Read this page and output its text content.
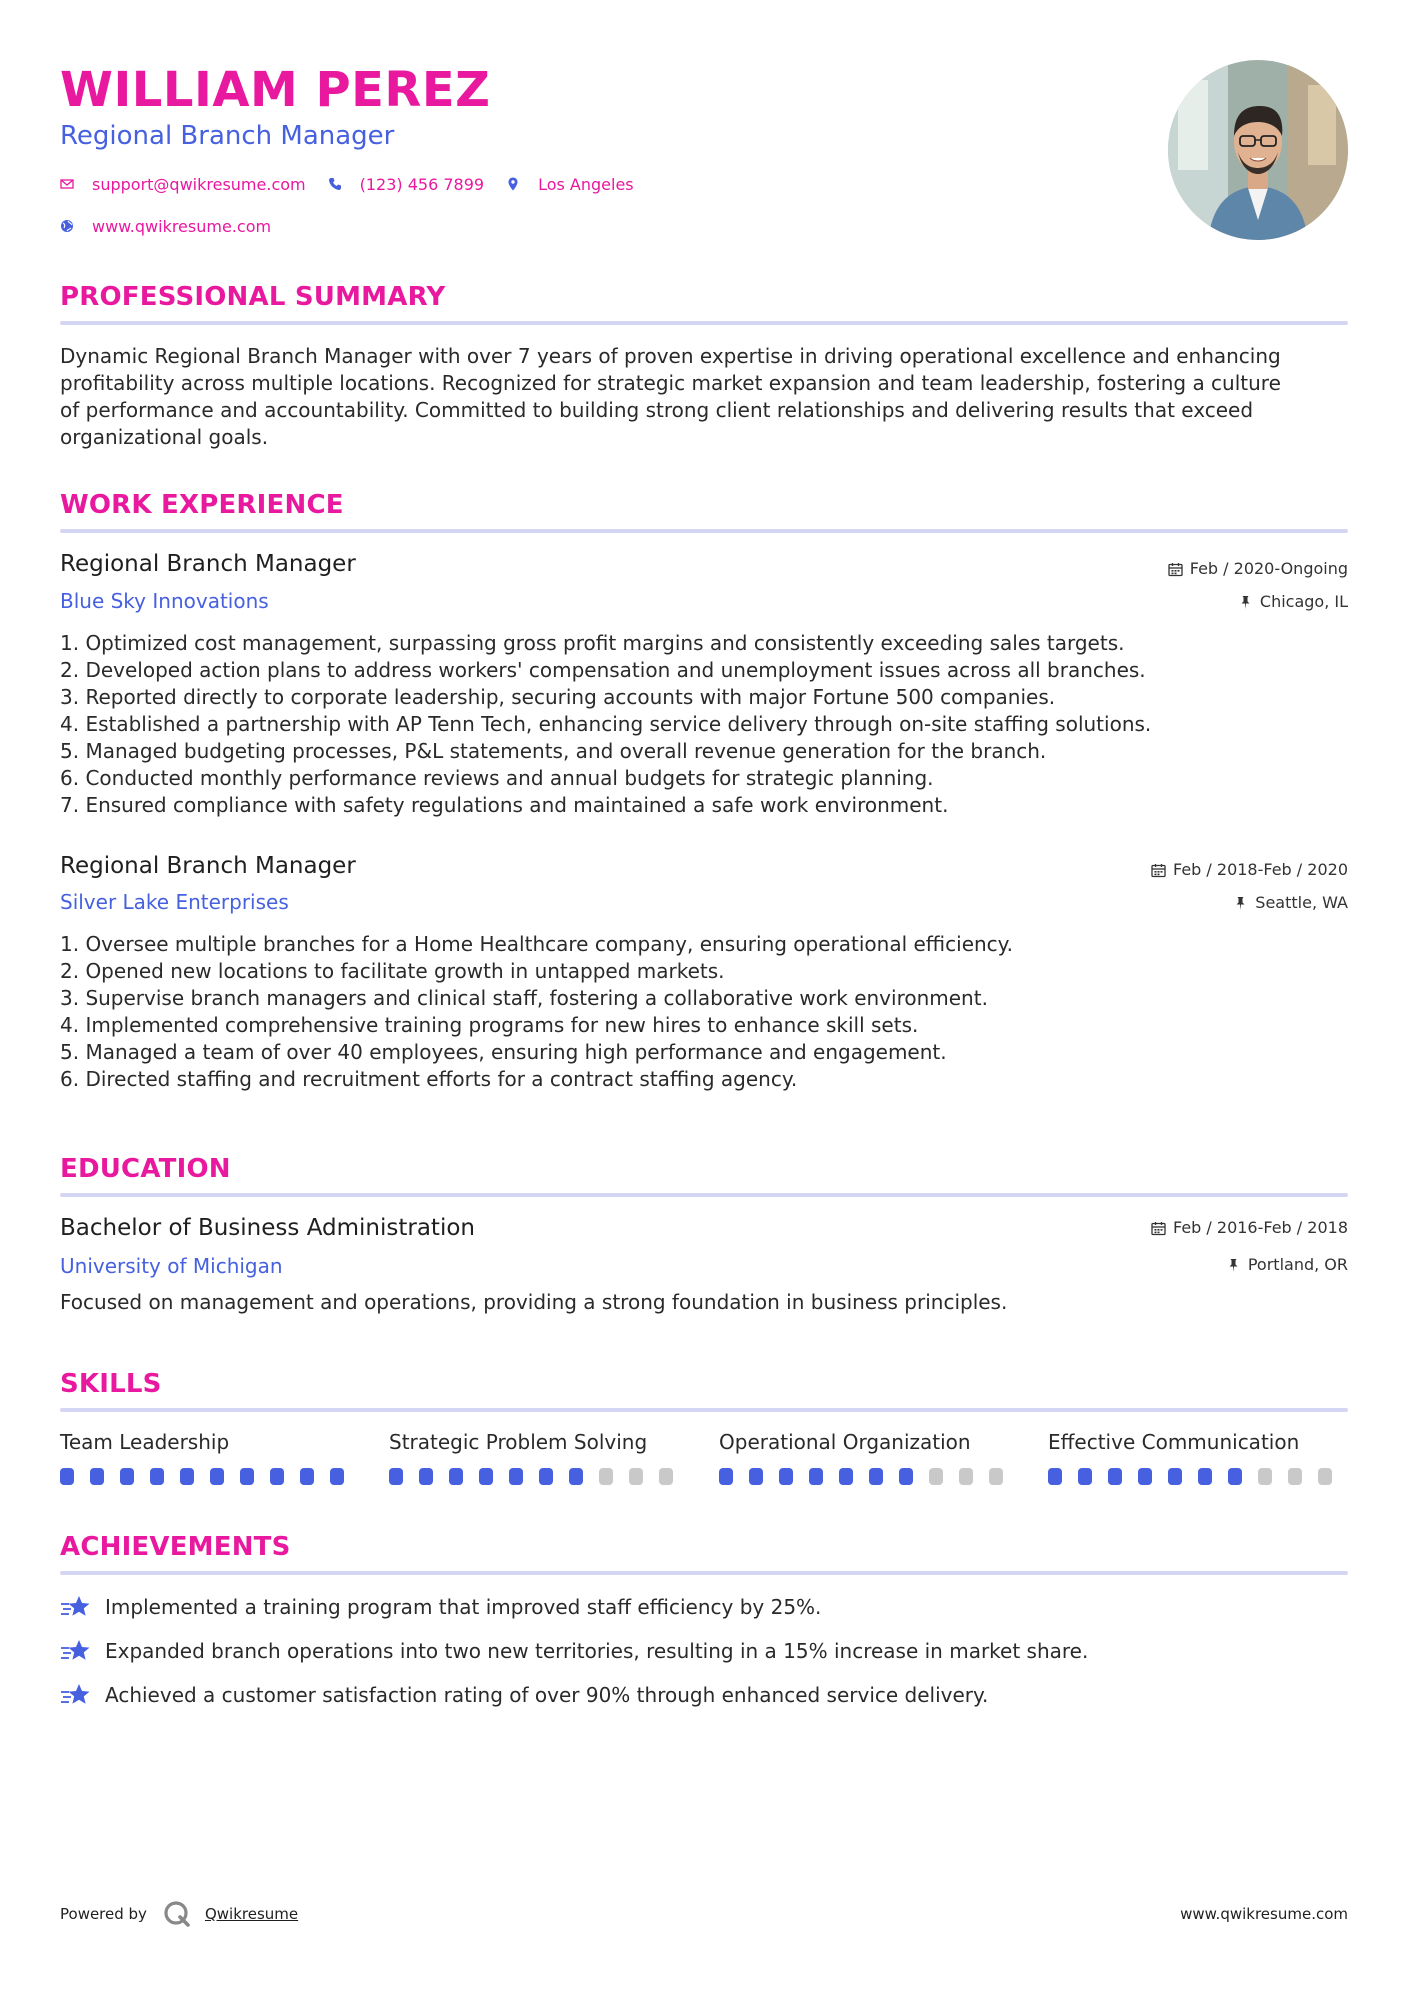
WILLIAM PEREZ
Regional Branch Manager
support@qwikresume.com	(123) 456 7899	Los Angeles
www.qwikresume.com
PROFESSIONAL SUMMARY
Dynamic Regional Branch Manager with over 7 years of proven expertise in driving operational excellence and enhancing
profitability across multiple locations. Recognized for strategic market expansion and team leadership, fostering a culture
of performance and accountability. Committed to building strong client relationships and delivering results that exceed
organizational goals.
WORK EXPERIENCE
Regional Branch Manager
Blue Sky Innovations
Feb / 2020-Ongoing
Chicago, IL
1. Optimized cost management, surpassing gross profit margins and consistently exceeding sales targets.
2. Developed action plans to address workers' compensation and unemployment issues across all branches.
3. Reported directly to corporate leadership, securing accounts with major Fortune 500 companies.
4. Established a partnership with AP Tenn Tech, enhancing service delivery through on-site staffing solutions.
5. Managed budgeting processes, P&L statements, and overall revenue generation for the branch.
6. Conducted monthly performance reviews and annual budgets for strategic planning.
7. Ensured compliance with safety regulations and maintained a safe work environment.
Regional Branch Manager
Silver Lake Enterprises
Feb / 2018-Feb / 2020
Seattle, WA
1. Oversee multiple branches for a Home Healthcare company, ensuring operational efficiency.
2. Opened new locations to facilitate growth in untapped markets.
3. Supervise branch managers and clinical staff, fostering a collaborative work environment.
4. Implemented comprehensive training programs for new hires to enhance skill sets.
5. Managed a team of over 40 employees, ensuring high performance and engagement.
6. Directed staffing and recruitment efforts for a contract staffing agency.
EDUCATION
Bachelor of Business Administration
University of Michigan
Feb / 2016-Feb / 2018
Portland, OR
Focused on management and operations, providing a strong foundation in business principles.
SKILLS
Team Leadership	Strategic Problem Solving	Operational Organization	Effective Communication
ACHIEVEMENTS
Implemented a training program that improved staff efficiency by 25%.
Expanded branch operations into two new territories, resulting in a 15% increase in market share.
Achieved a customer satisfaction rating of over 90% through enhanced service delivery.
Powered by	Qwikresume	www.qwikresume.com
